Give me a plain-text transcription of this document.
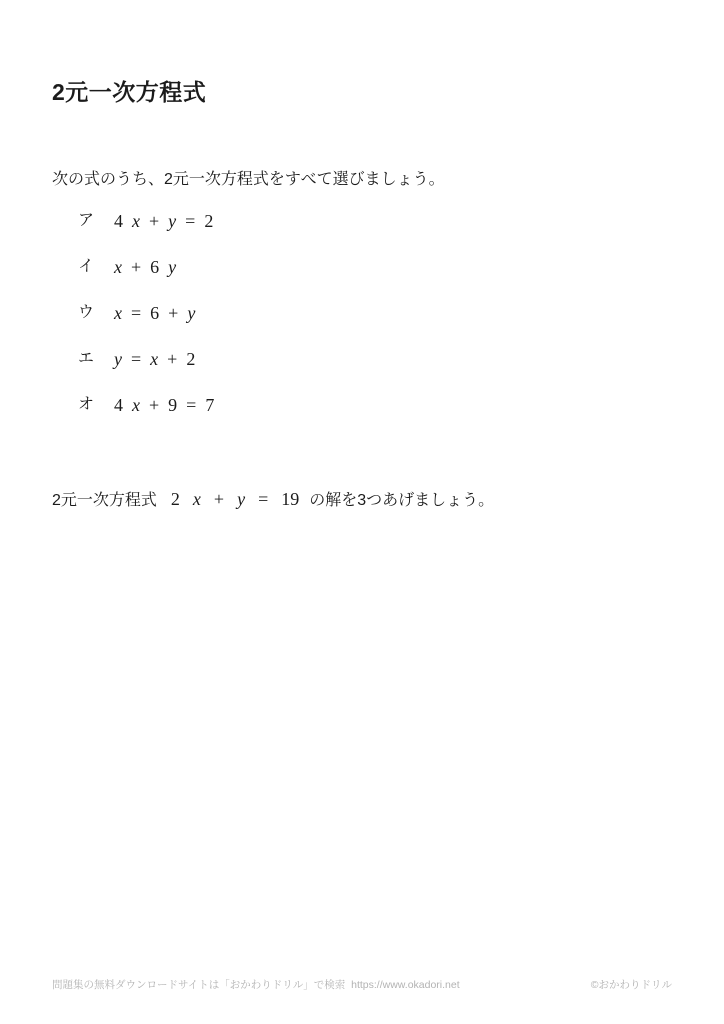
2元一次方程式

次の式のうち、2元一次方程式をすべて選びましょう。

ア	4 x + y = 2
イ	x + 6 y
ウ	x = 6 + y
エ	y = x + 2
オ	4 x + 9 = 7

2元一次方程式 2 x + y = 19 の解を3つあげましょう。

問題集の無料ダウンロードサイトは「おかわりドリル」で検索  https://www.okadori.net	©おかわりドリル
